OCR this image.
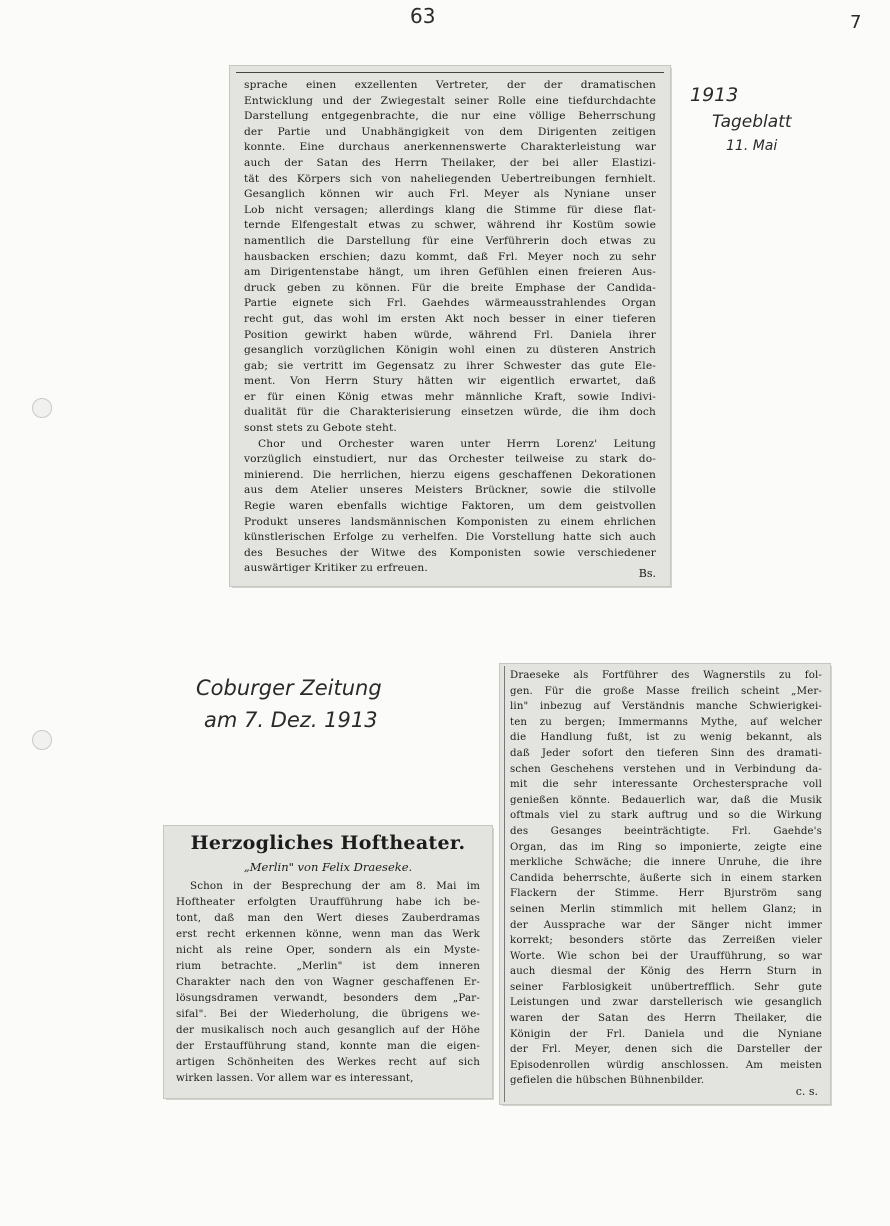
63	7
1913
Tageblatt
11. Mai
Coburger Zeitung
am 7. Dez. 1913

sprache einen exzellenten Vertreter, der der dramatischen

Entwicklung und der Zwiegestalt seiner Rolle eine tiefdurchdachte

Darstellung entgegenbrachte, die nur eine völlige Beherrschung

der Partie und Unabhängigkeit von dem Dirigenten zeitigen

konnte. Eine durchaus anerkennenswerte Charakterleistung war

auch der Satan des Herrn Theilaker, der bei aller Elastizi-

tät des Körpers sich von naheliegenden Uebertreibungen fernhielt.

Gesanglich können wir auch Frl. Meyer als Nyniane unser

Lob nicht versagen; allerdings klang die Stimme für diese flat-

ternde Elfengestalt etwas zu schwer, während ihr Kostüm sowie

namentlich die Darstellung für eine Verführerin doch etwas zu

hausbacken erschien; dazu kommt, daß Frl. Meyer noch zu sehr

am Dirigentenstabe hängt, um ihren Gefühlen einen freieren Aus-

druck geben zu können. Für die breite Emphase der Candida-

Partie eignete sich Frl. Gaehdes wärmeausstrahlendes Organ

recht gut, das wohl im ersten Akt noch besser in einer tieferen

Position gewirkt haben würde, während Frl. Daniela ihrer

gesanglich vorzüglichen Königin wohl einen zu düsteren Anstrich

gab; sie vertritt im Gegensatz zu ihrer Schwester das gute Ele-

ment. Von Herrn Stury hätten wir eigentlich erwartet, daß

er für einen König etwas mehr männliche Kraft, sowie Indivi-

dualität für die Charakterisierung einsetzen würde, die ihm doch

sonst stets zu Gebote steht.

Chor und Orchester waren unter Herrn Lorenz' Leitung

vorzüglich einstudiert, nur das Orchester teilweise zu stark do-

minierend. Die herrlichen, hierzu eigens geschaffenen Dekorationen

aus dem Atelier unseres Meisters Brückner, sowie die stilvolle

Regie waren ebenfalls wichtige Faktoren, um dem geistvollen

Produkt unseres landsmännischen Komponisten zu einem ehrlichen

künstlerischen Erfolge zu verhelfen. Die Vorstellung hatte sich auch

des Besuches der Witwe des Komponisten sowie verschiedener

auswärtiger Kritiker zu erfreuen.	Bs.
Herzogliches Hoftheater.
„Merlin" von Felix Draeseke.

Schon in der Besprechung der am 8. Mai im

Hoftheater erfolgten Uraufführung habe ich be-

tont, daß man den Wert dieses Zauberdramas

erst recht erkennen könne, wenn man das Werk

nicht als reine Oper, sondern als ein Myste-

rium betrachte. „Merlin" ist dem inneren

Charakter nach den von Wagner geschaffenen Er-

lösungsdramen verwandt, besonders dem „Par-

sifal". Bei der Wiederholung, die übrigens we-

der musikalisch noch auch gesanglich auf der Höhe

der Erstaufführung stand, konnte man die eigen-

artigen Schönheiten des Werkes recht auf sich

wirken lassen. Vor allem war es interessant,

Draeseke als Fortführer des Wagnerstils zu fol-

gen. Für die große Masse freilich scheint „Mer-

lin" inbezug auf Verständnis manche Schwierigkei-

ten zu bergen; Immermanns Mythe, auf welcher

die Handlung fußt, ist zu wenig bekannt, als

daß Jeder sofort den tieferen Sinn des dramati-

schen Geschehens verstehen und in Verbindung da-

mit die sehr interessante Orchestersprache voll

genießen könnte. Bedauerlich war, daß die Musik

oftmals viel zu stark auftrug und so die Wirkung

des Gesanges beeinträchtigte. Frl. Gaehde's

Organ, das im Ring so imponierte, zeigte eine

merkliche Schwäche; die innere Unruhe, die ihre

Candida beherrschte, äußerte sich in einem starken

Flackern der Stimme. Herr Bjurström sang

seinen Merlin stimmlich mit hellem Glanz; in

der Aussprache war der Sänger nicht immer

korrekt; besonders störte das Zerreißen vieler

Worte. Wie schon bei der Uraufführung, so war

auch diesmal der König des Herrn Sturn in

seiner Farblosigkeit unübertrefflich. Sehr gute

Leistungen und zwar darstellerisch wie gesanglich

waren der Satan des Herrn Theilaker, die

Königin der Frl. Daniela und die Nyniane

der Frl. Meyer, denen sich die Darsteller der

Episodenrollen würdig anschlossen. Am meisten

gefielen die hübschen Bühnenbilder.

c. s.
